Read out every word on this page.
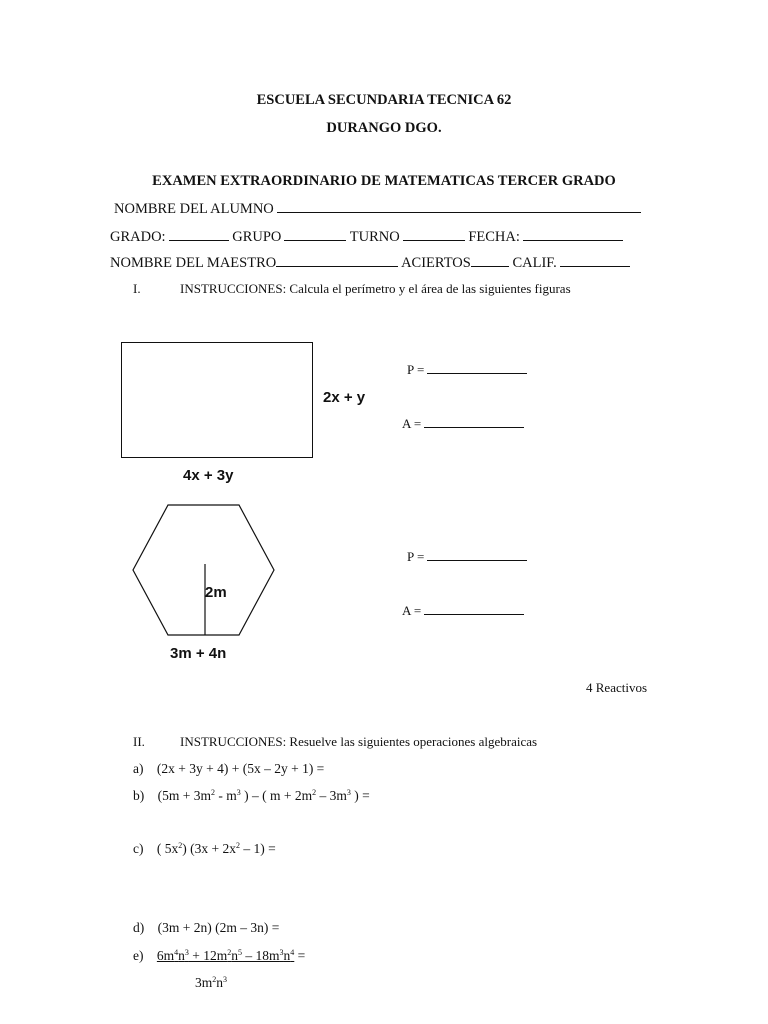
ESCUELA SECUNDARIA TECNICA 62
DURANGO DGO.
EXAMEN EXTRAORDINARIO DE MATEMATICAS TERCER GRADO
NOMBRE DEL ALUMNO
GRADO:	GRUPO	TURNO	FECHA:
NOMBRE DEL MAESTRO	ACIERTOS	CALIF.
I.	INSTRUCCIONES: Calcula el perímetro y el área de las siguientes figuras
2x + y
4x + 3y
P =
A =
2m
3m + 4n
P =
A =
4 Reactivos
II.	INSTRUCCIONES: Resuelve las siguientes operaciones algebraicas
a) (2x + 3y + 4) + (5x – 2y + 1) =
b) ($5m + 3m^2 - m^3$ ) – ( $m + 2m^2 - 3m^3$ ) =
c) ( $5x^2$) $(3x + 2x^2 - 1)$ =
d) (3m + 2n) (2m – 3n) =
e) $6m^4n^3 + 12m^2n^5 - 18m^3n^4$ =
$3m^2n^3$
